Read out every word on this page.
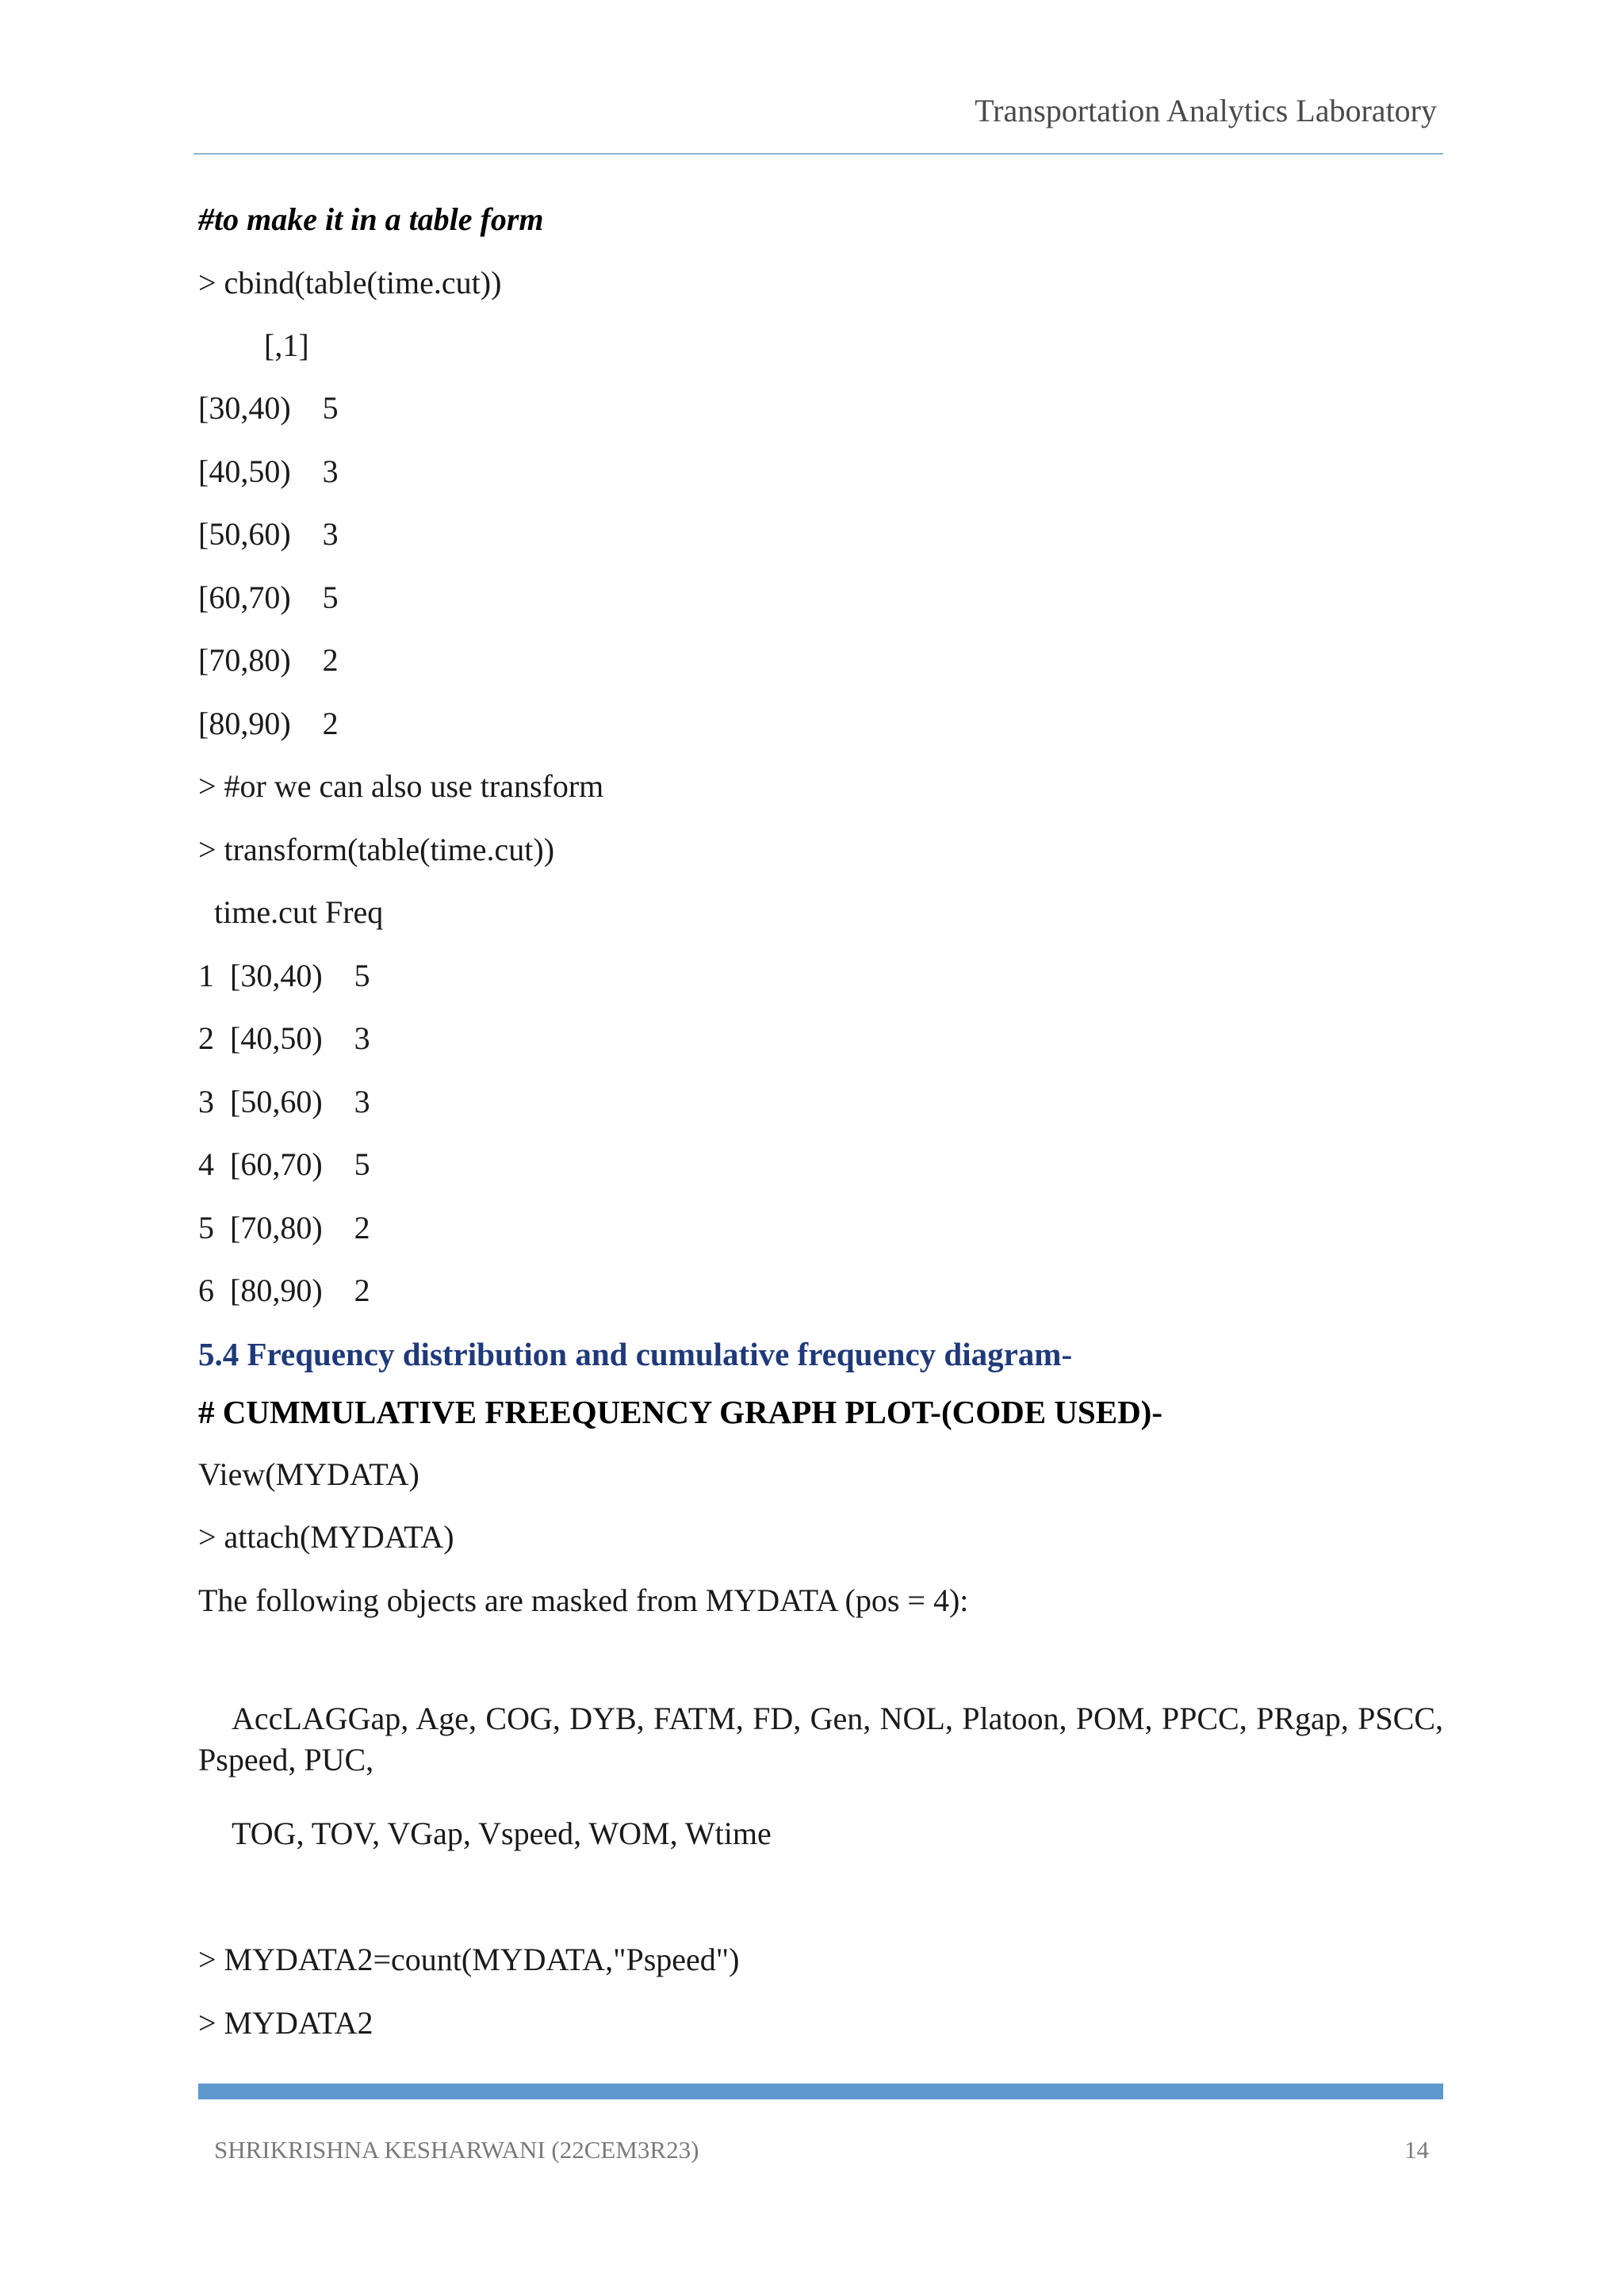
Transportation Analytics Laboratory
#to make it in a table form
> cbind(table(time.cut))
[,1]
[30,40)    5
[40,50)    3
[50,60)    3
[60,70)    5
[70,80)    2
[80,90)    2
> #or we can also use transform
> transform(table(time.cut))
time.cut Freq
1  [30,40)    5
2  [40,50)    3
3  [50,60)    3
4  [60,70)    5
5  [70,80)    2
6  [80,90)    2
5.4 Frequency distribution and cumulative frequency diagram-
# CUMMULATIVE FREEQUENCY GRAPH PLOT-(CODE USED)-
View(MYDATA)
> attach(MYDATA)
The following objects are masked from MYDATA (pos = 4):
AccLAGGap, Age, COG, DYB, FATM, FD, Gen, NOL, Platoon, POM, PPCC, PRgap, PSCC, Pspeed, PUC,
TOG, TOV, VGap, Vspeed, WOM, Wtime
> MYDATA2=count(MYDATA,"Pspeed")
> MYDATA2
SHRIKRISHNA KESHARWANI (22CEM3R23)	14
